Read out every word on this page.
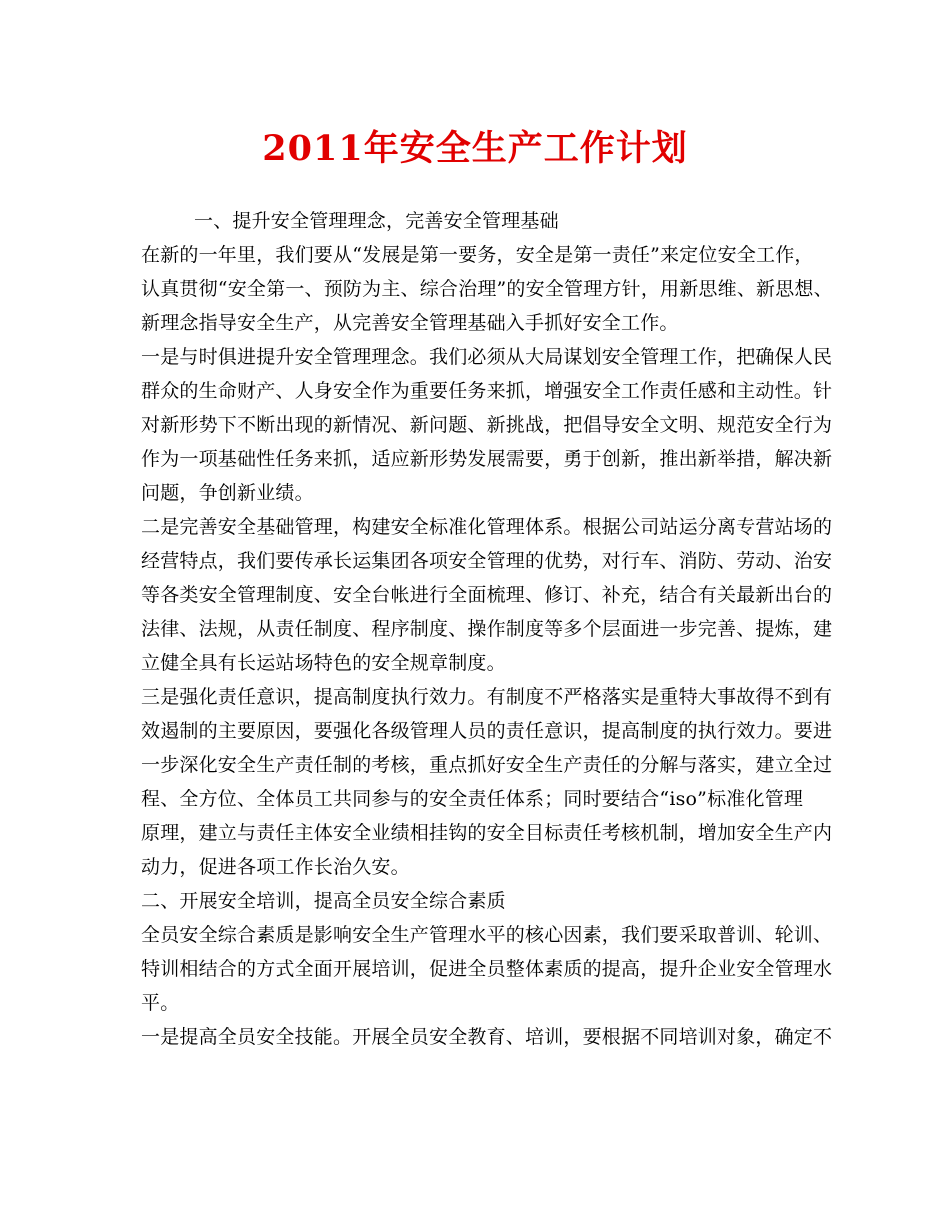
2011年安全生产工作计划
一、提升安全管理理念，完善安全管理基础
在新的一年里，我们要从“发展是第一要务，安全是第一责任”来定位安全工作，
认真贯彻“安全第一、预防为主、综合治理”的安全管理方针，用新思维、新思想、
新理念指导安全生产，从完善安全管理基础入手抓好安全工作。
一是与时俱进提升安全管理理念。我们必须从大局谋划安全管理工作，把确保人民
群众的生命财产、人身安全作为重要任务来抓，增强安全工作责任感和主动性。针
对新形势下不断出现的新情况、新问题、新挑战，把倡导安全文明、规范安全行为
作为一项基础性任务来抓，适应新形势发展需要，勇于创新，推出新举措，解决新
问题，争创新业绩。
二是完善安全基础管理，构建安全标准化管理体系。根据公司站运分离专营站场的
经营特点，我们要传承长运集团各项安全管理的优势，对行车、消防、劳动、治安
等各类安全管理制度、安全台帐进行全面梳理、修订、补充，结合有关最新出台的
法律、法规，从责任制度、程序制度、操作制度等多个层面进一步完善、提炼，建
立健全具有长运站场特色的安全规章制度。
三是强化责任意识，提高制度执行效力。有制度不严格落实是重特大事故得不到有
效遏制的主要原因，要强化各级管理人员的责任意识，提高制度的执行效力。要进
一步深化安全生产责任制的考核，重点抓好安全生产责任的分解与落实，建立全过
程、全方位、全体员工共同参与的安全责任体系；同时要结合“iso”标准化管理
原理，建立与责任主体安全业绩相挂钩的安全目标责任考核机制，增加安全生产内
动力，促进各项工作长治久安。
二、开展安全培训，提高全员安全综合素质
全员安全综合素质是影响安全生产管理水平的核心因素，我们要采取普训、轮训、
特训相结合的方式全面开展培训，促进全员整体素质的提高，提升企业安全管理水
平。
一是提高全员安全技能。开展全员安全教育、培训，要根据不同培训对象，确定不
